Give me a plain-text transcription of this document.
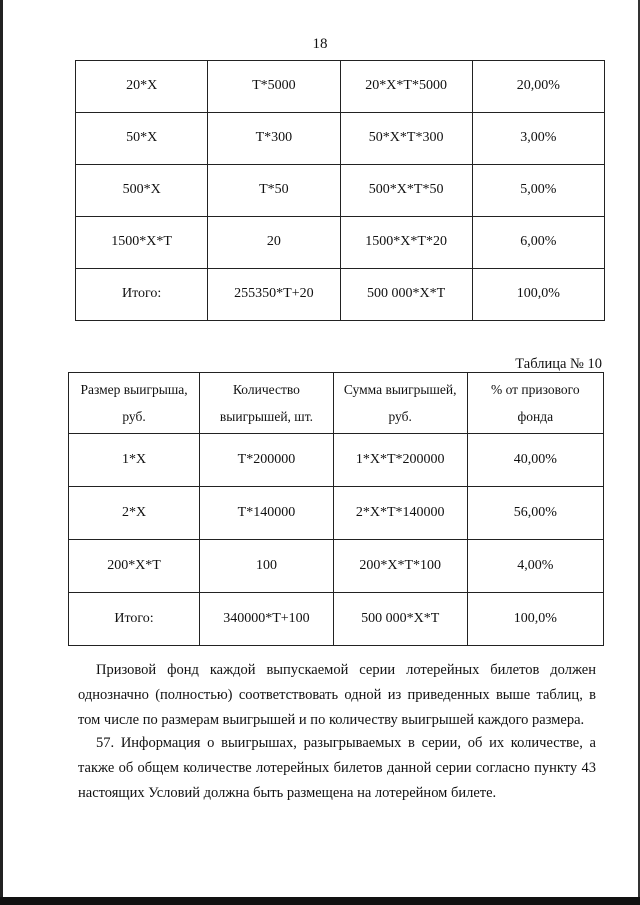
18
20*X	T*5000	20*X*T*5000	20,00%
50*X	T*300	50*X*T*300	3,00%
500*X	T*50	500*X*T*50	5,00%
1500*X*T	20	1500*X*T*20	6,00%
Итого:	255350*T+20	500 000*X*T	100,0%
Таблица № 10
Размер выигрыша, руб.	Количество выигрышей, шт.	Сумма выигрышей, руб.	% от призового фонда
1*X	T*200000	1*X*T*200000	40,00%
2*X	T*140000	2*X*T*140000	56,00%
200*X*T	100	200*X*T*100	4,00%
Итого:	340000*T+100	500 000*X*T	100,0%

Призовой фонд каждой выпускаемой серии лотерейных билетов должен однозначно (полностью) соответствовать одной из приведенных выше таблиц, в том числе по размерам выигрышей и по количеству выигрышей каждого размера.

57. Информация о выигрышах, разыгрываемых в серии, об их количестве, а также об общем количестве лотерейных билетов данной серии согласно пункту 43 настоящих Условий должна быть размещена на лотерейном билете.
